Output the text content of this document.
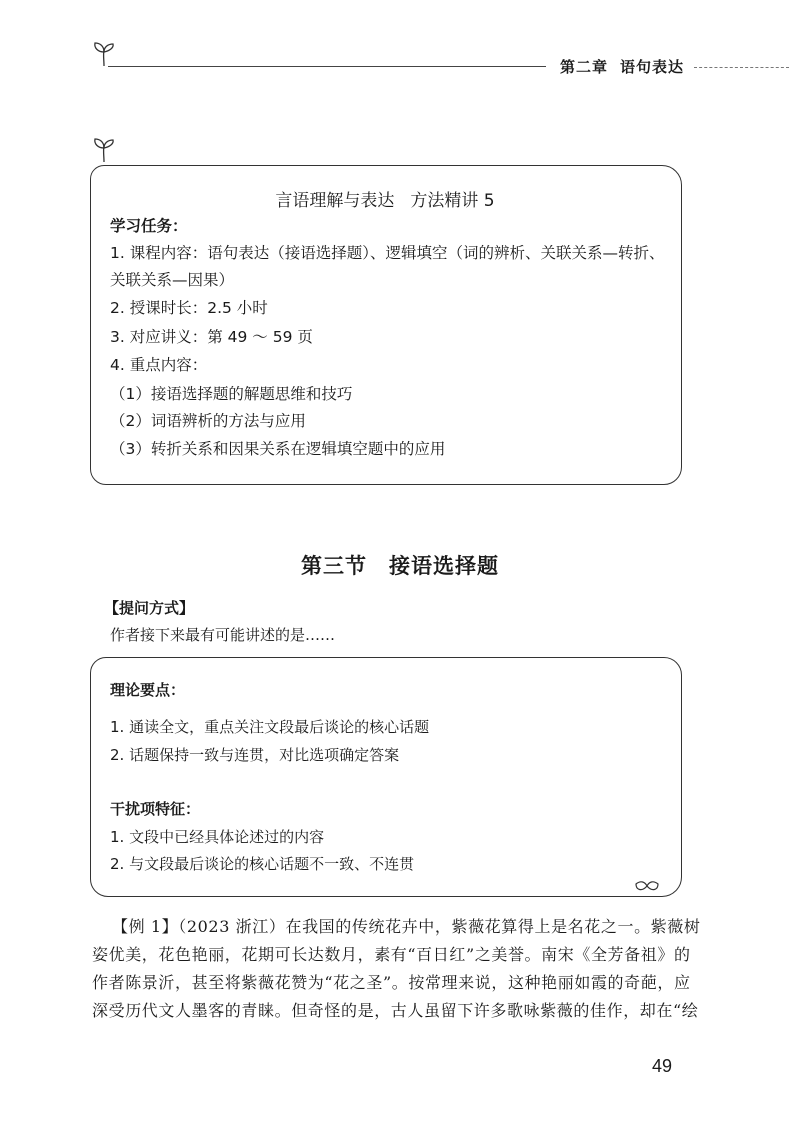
第二章 语句表达
言语理解与表达 方法精讲 5
学习任务：
1. 课程内容：语句表达（接语选择题）、逻辑填空（词的辨析、关联关系—转折、
关联关系—因果）
2. 授课时长：2.5 小时
3. 对应讲义：第 49 ～ 59 页
4. 重点内容：
（1）接语选择题的解题思维和技巧
（2）词语辨析的方法与应用
（3）转折关系和因果关系在逻辑填空题中的应用
第三节 接语选择题
【提问方式】
作者接下来最有可能讲述的是……
理论要点：
1. 通读全文，重点关注文段最后谈论的核心话题
2. 话题保持一致与连贯，对比选项确定答案
干扰项特征：
1. 文段中已经具体论述过的内容
2. 与文段最后谈论的核心话题不一致、不连贯
【例 1】（2023 浙江）在我国的传统花卉中，紫薇花算得上是名花之一。紫薇树
姿优美，花色艳丽，花期可长达数月，素有“百日红”之美誉。南宋《全芳备祖》的
作者陈景沂，甚至将紫薇花赞为“花之圣”。按常理来说，这种艳丽如霞的奇葩，应
深受历代文人墨客的青睐。但奇怪的是，古人虽留下许多歌咏紫薇的佳作，却在“绘
49
